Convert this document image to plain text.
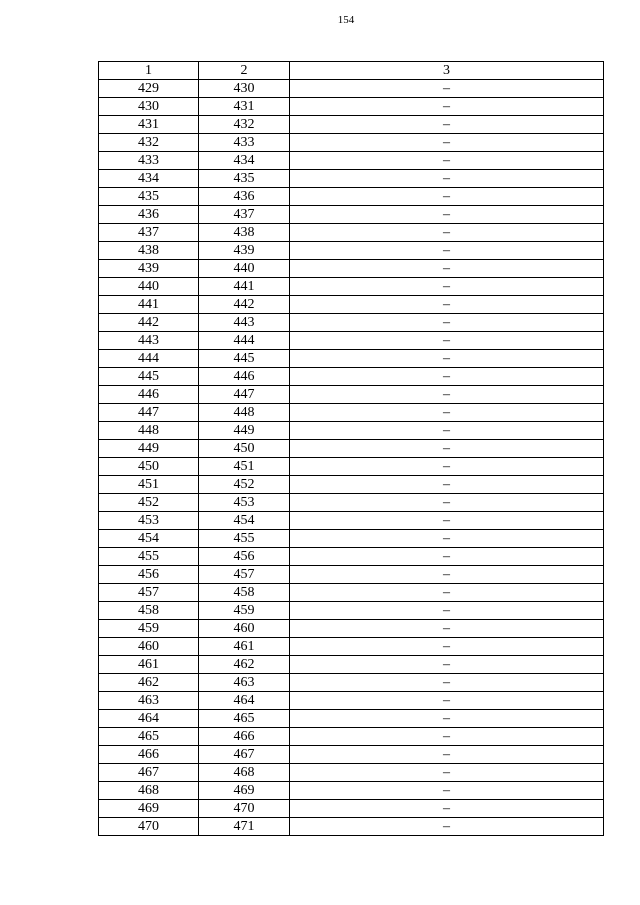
154
1	2	3
429	430	–
430	431	–
431	432	–
432	433	–
433	434	–
434	435	–
435	436	–
436	437	–
437	438	–
438	439	–
439	440	–
440	441	–
441	442	–
442	443	–
443	444	–
444	445	–
445	446	–
446	447	–
447	448	–
448	449	–
449	450	–
450	451	–
451	452	–
452	453	–
453	454	–
454	455	–
455	456	–
456	457	–
457	458	–
458	459	–
459	460	–
460	461	–
461	462	–
462	463	–
463	464	–
464	465	–
465	466	–
466	467	–
467	468	–
468	469	–
469	470	–
470	471	–
